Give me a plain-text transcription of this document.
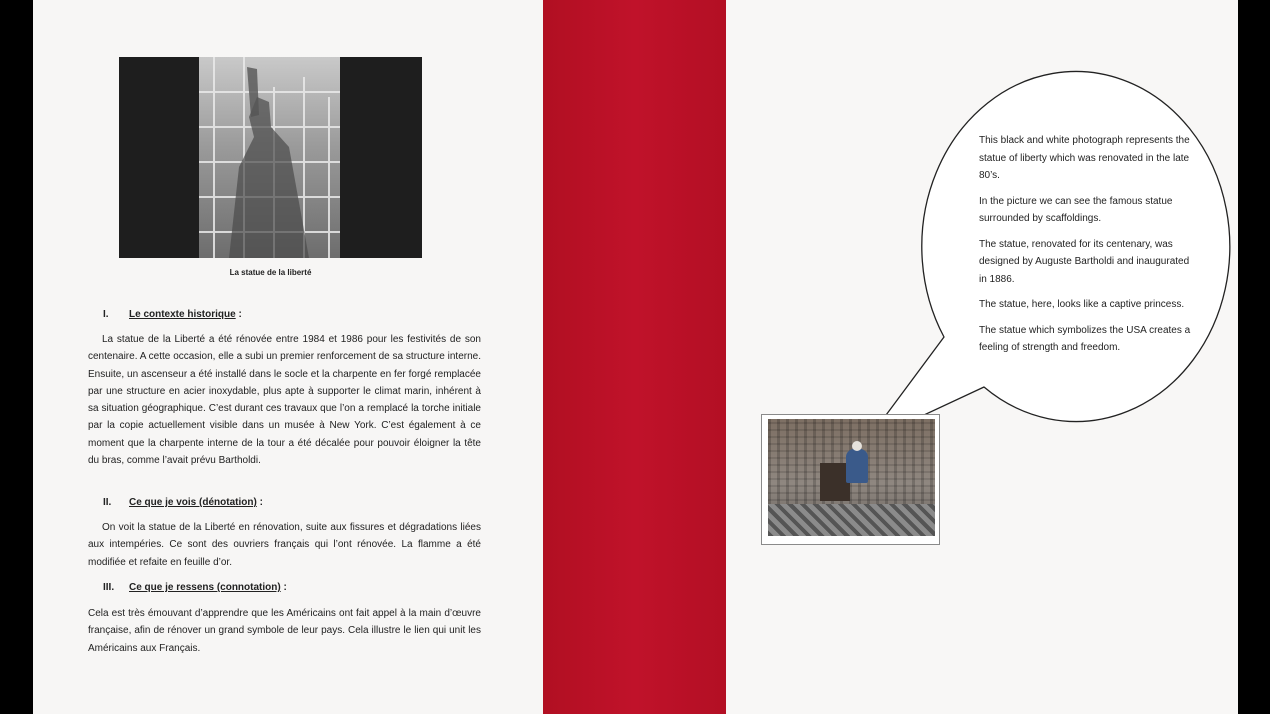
La statue de la liberté
I. Le contexte historique :

La statue de la Liberté a été rénovée entre 1984 et 1986 pour les festivités de son centenaire. A cette occasion, elle a subi un premier renforcement de sa structure interne. Ensuite, un ascenseur a été installé dans le socle et la charpente en fer forgé remplacée par une structure en acier inoxydable, plus apte à supporter le climat marin, inhérent à sa situation géographique. C’est durant ces travaux que l’on a remplacé la torche initiale par la copie actuellement visible dans un musée à New York. C’est également à ce moment que la charpente interne de la tour a été décalée pour pouvoir éloigner la tête du bras, comme l’avait prévu Bartholdi.

II. Ce que je vois (dénotation) :

On voit la statue de la Liberté en rénovation, suite aux fissures et dégradations liées aux intempéries. Ce sont des ouvriers français qui l’ont rénovée. La flamme a été modifiée et refaite en feuille d’or.

III. Ce que je ressens (connotation) :

Cela est très émouvant d’apprendre que les Américains ont fait appel à la main d’œuvre française, afin de rénover un grand symbole de leur pays. Cela illustre le lien qui unit les Américains aux Français.

This black and white photograph represents the statue of liberty which was renovated in the late 80’s.

In the picture we can see the famous statue surrounded by scaffoldings.

The statue, renovated for its centenary, was designed by Auguste Bartholdi and inaugurated in 1886.

The statue, here, looks like a captive princess.

The statue which symbolizes the USA creates a feeling of strength and freedom.
